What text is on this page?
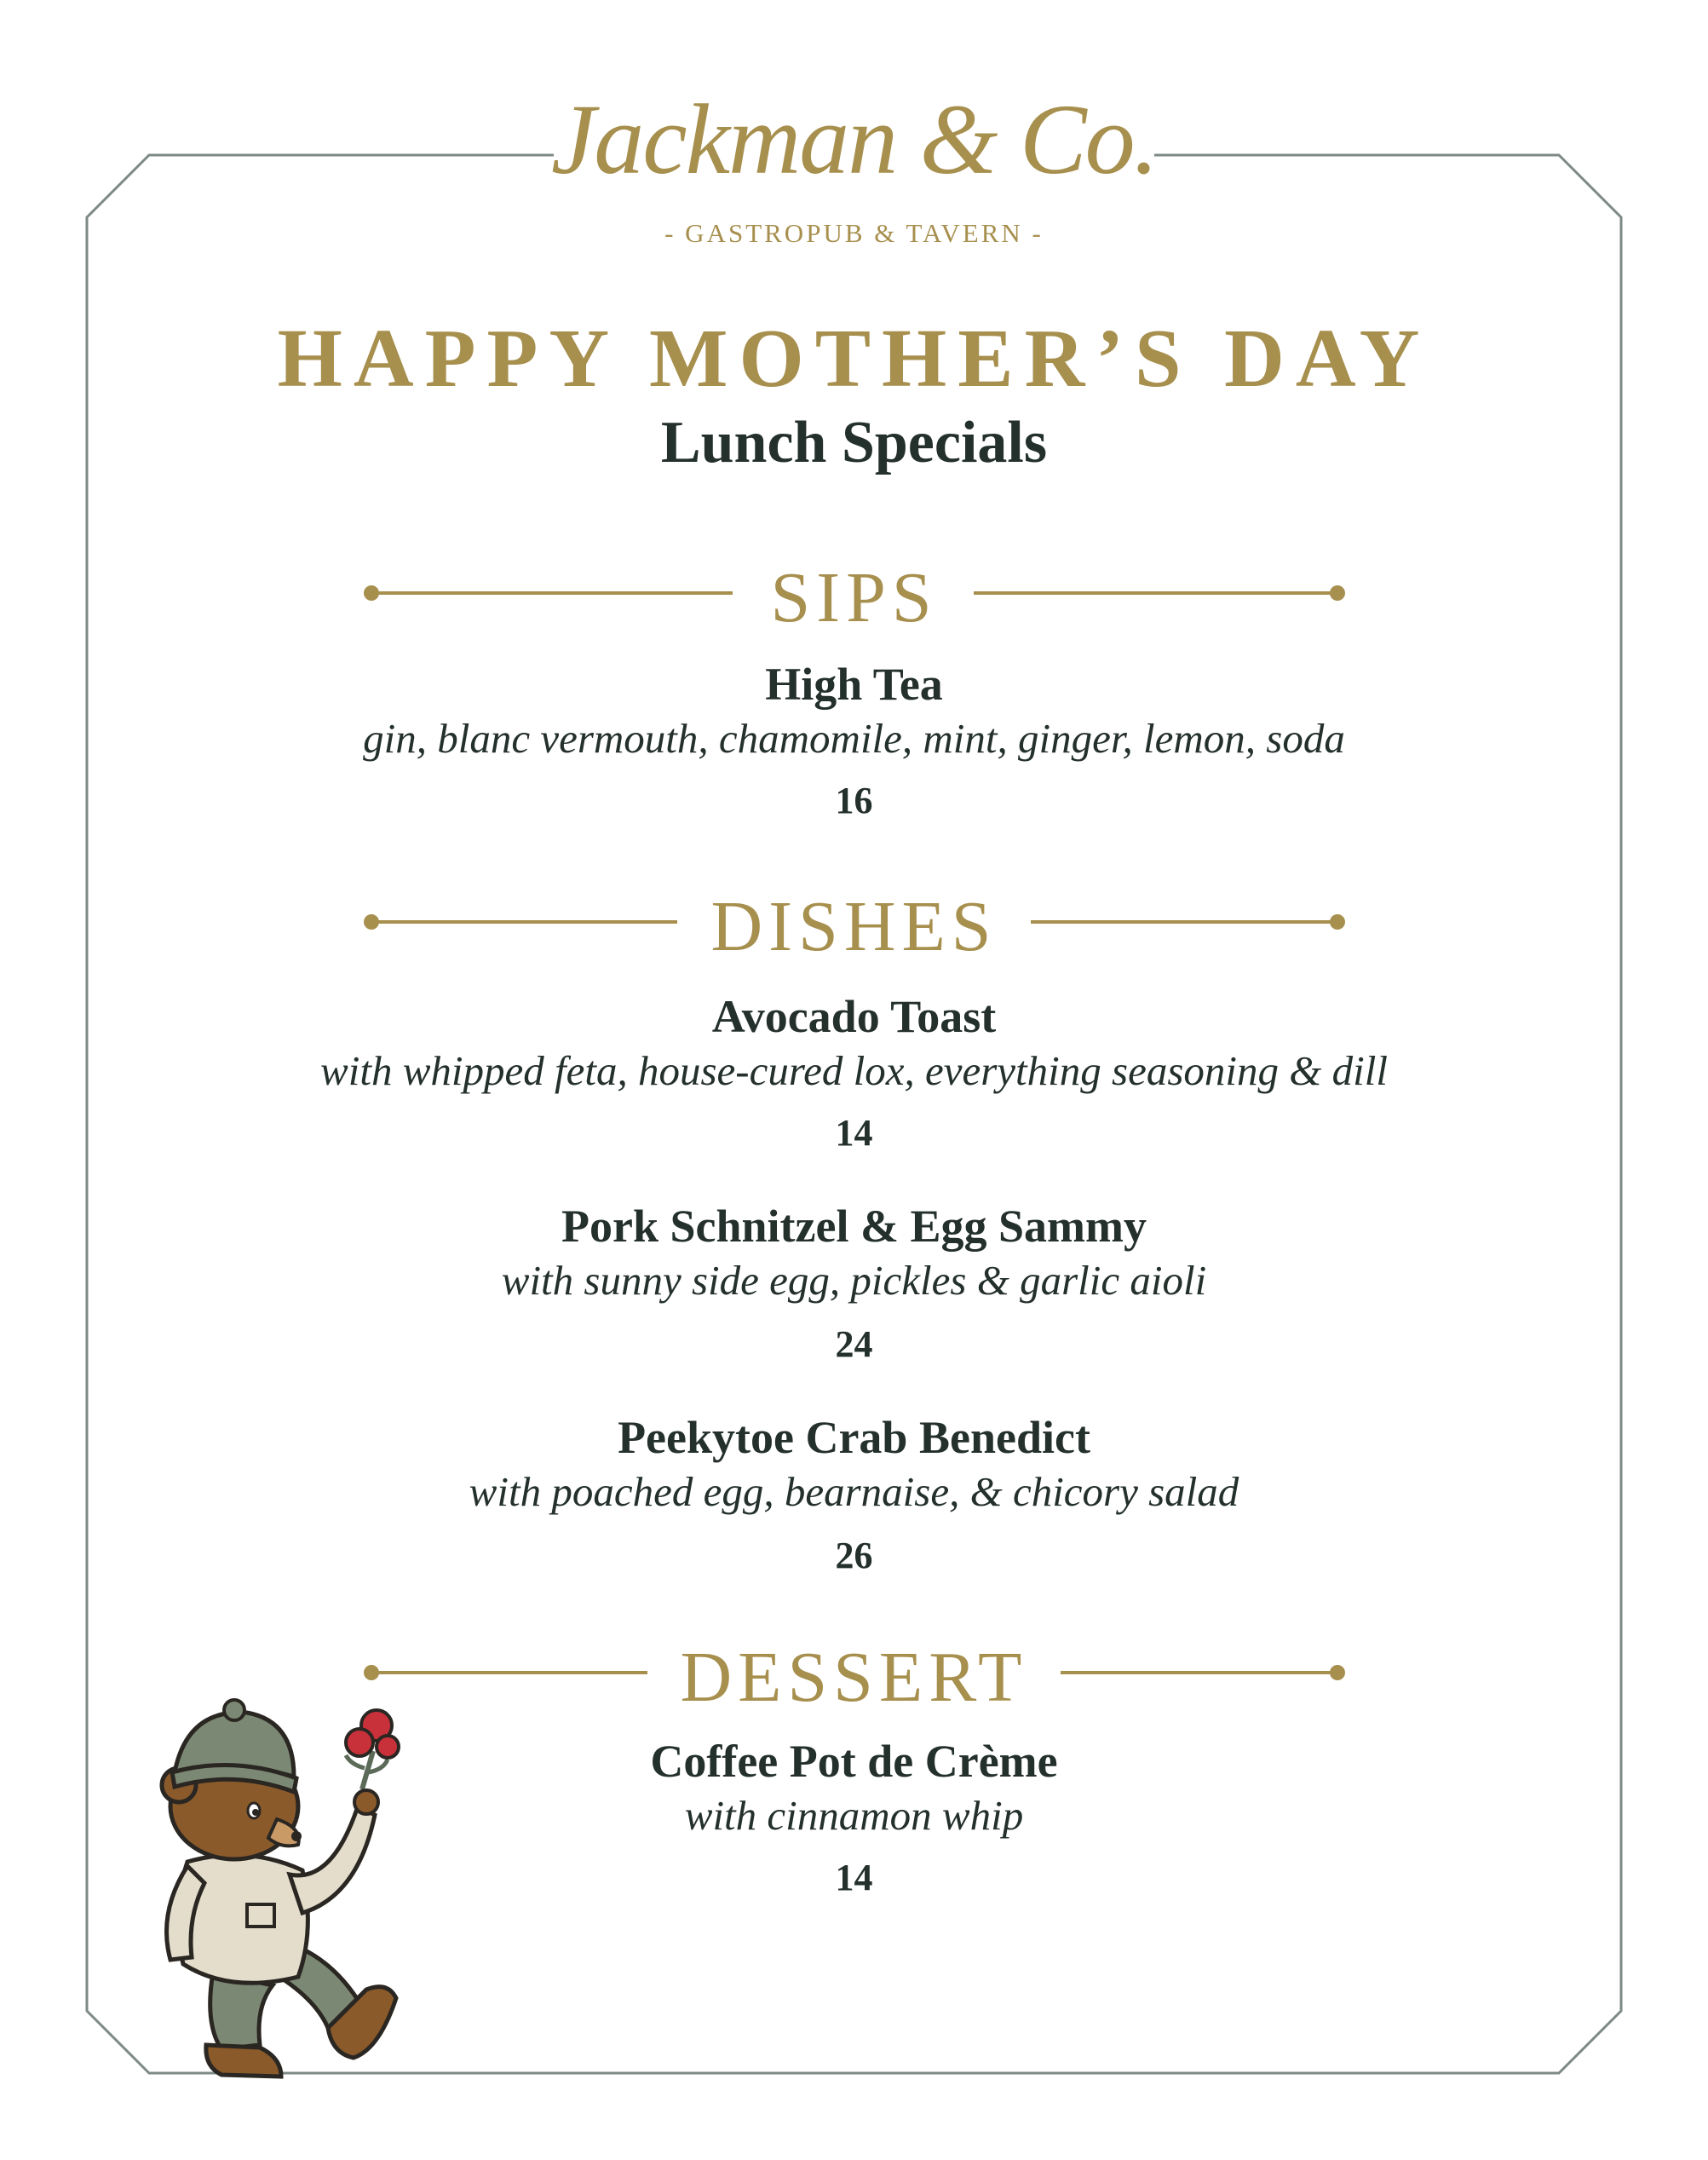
Jackman & Co.
- GASTROPUB & TAVERN -
HAPPY MOTHER’S DAY
Lunch Specials
SIPS
High Tea
gin, blanc vermouth, chamomile, mint, ginger, lemon, soda
16
DISHES
Avocado Toast
with whipped feta, house-cured lox, everything seasoning & dill
14
Pork Schnitzel & Egg Sammy
with sunny side egg, pickles & garlic aioli
24
Peekytoe Crab Benedict
with poached egg, bearnaise, & chicory salad
26
DESSERT
Coffee Pot de Crème
with cinnamon whip
14
